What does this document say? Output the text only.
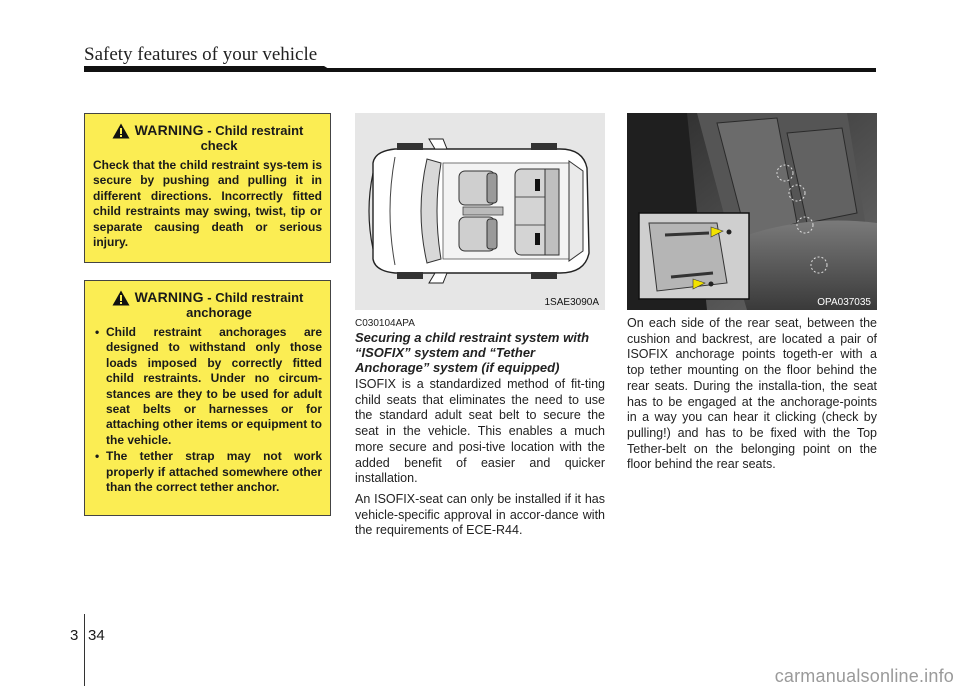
Safety features of your vehicle
WARNING - Child restraint
check
Check that the child restraint sys-tem is secure by pushing and pulling it in different directions. Incorrectly fitted child restraints may swing, twist, tip or separate causing death or serious injury.
WARNING - Child restraint
anchorage
• Child restraint anchorages are designed to withstand only those loads imposed by correctly fitted child restraints. Under no circum-stances are they to be used for adult seat belts or harnesses or for attaching other items or equipment to the vehicle.
• The tether strap may not work properly if attached somewhere other than the correct tether anchor.
1SAE3090A	OPA037035
C030104APA
Securing a child restraint system with “ISOFIX” system and “Tether Anchorage” system (if equipped)

ISOFIX is a standardized method of fit-ting child seats that eliminates the need to use the standard adult seat belt to secure the seat in the vehicle. This enables a much more secure and posi-tive location with the added benefit of easier and quicker installation.

An ISOFIX-seat can only be installed if it has vehicle-specific approval in accor-dance with the requirements of ECE-R44.

On each side of the rear seat, between the cushion and backrest, are located a pair of ISOFIX anchorage points togeth-er with a top tether mounting on the floor behind the rear seats. During the installa-tion, the seat has to be engaged at the anchorage-points in a way you can hear it clicking (check by pulling!) and has to be fixed with the Top Tether-belt on the belonging point on the floor behind the rear seats.

3 34
carmanualsonline.info
